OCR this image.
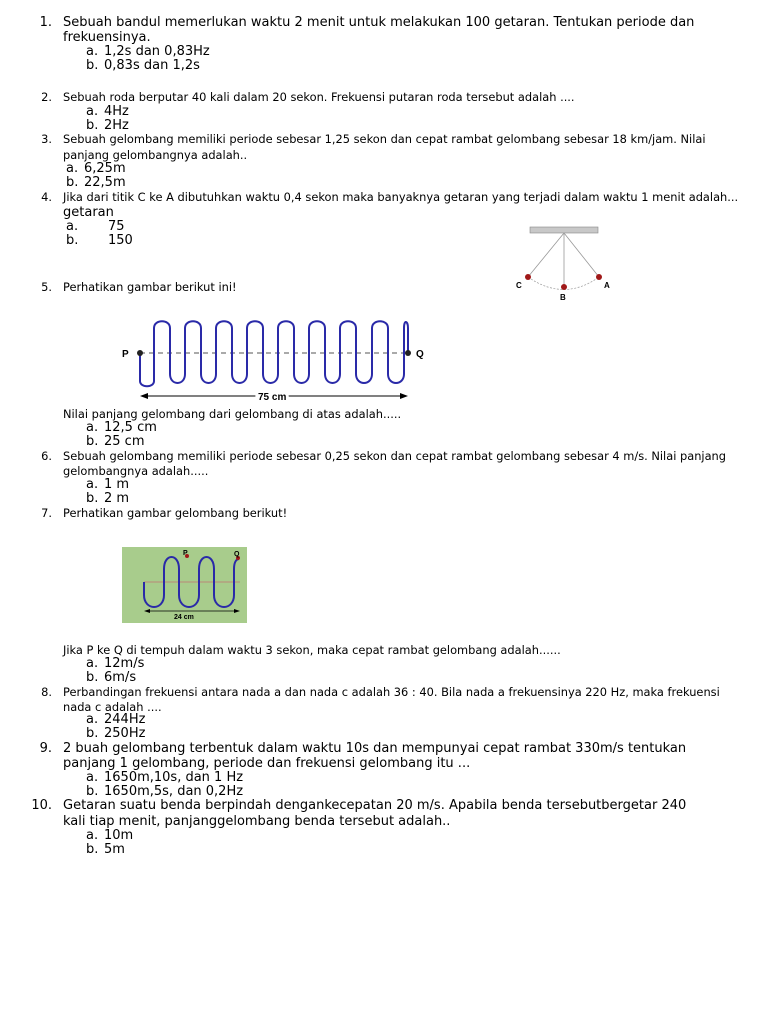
1. Sebuah bandul memerlukan waktu 2 menit untuk melakukan 100 getaran. Tentukan periode dan
frekuensinya.
a. 1,2s dan 0,83Hz
b. 0,83s dan 1,2s
2. Sebuah roda berputar 40 kali dalam 20 sekon. Frekuensi putaran roda tersebut adalah ....
a. 4Hz
b. 2Hz
3. Sebuah gelombang memiliki periode sebesar 1,25 sekon dan cepat rambat gelombang sebesar 18 km/jam. Nilai
panjang gelombangnya adalah..
a. 6,25m
b. 22,5m
4. Jika dari titik C ke A dibutuhkan waktu 0,4 sekon maka banyaknya getaran yang terjadi dalam waktu 1 menit adalah...
getaran
a. 75
b. 150
C	A
B
5. Perhatikan gambar berikut ini!
P	Q
75 cm
Nilai panjang gelombang dari gelombang di atas adalah.....
a. 12,5 cm
b. 25 cm
6. Sebuah gelombang memiliki periode sebesar 0,25 sekon dan cepat rambat gelombang sebesar 4 m/s. Nilai panjang
gelombangnya adalah.....
a. 1 m
b. 2 m
7. Perhatikan gambar gelombang berikut!
P	Q
24 cm
Jika P ke Q di tempuh dalam waktu 3 sekon, maka cepat rambat gelombang adalah......
a. 12m/s
b. 6m/s
8. Perbandingan frekuensi antara nada a dan nada c adalah 36 : 40. Bila nada a frekuensinya 220 Hz, maka frekuensi
nada c adalah ....
a. 244Hz
b. 250Hz
9. 2 buah gelombang terbentuk dalam waktu 10s dan mempunyai cepat rambat 330m/s tentukan
panjang 1 gelombang, periode dan frekuensi gelombang itu ...
a. 1650m,10s, dan 1 Hz
b. 1650m,5s, dan 0,2Hz
10. Getaran suatu benda berpindah dengankecepatan 20 m/s. Apabila benda tersebutbergetar 240
kali tiap menit, panjanggelombang benda tersebut adalah..
a. 10m
b. 5m
